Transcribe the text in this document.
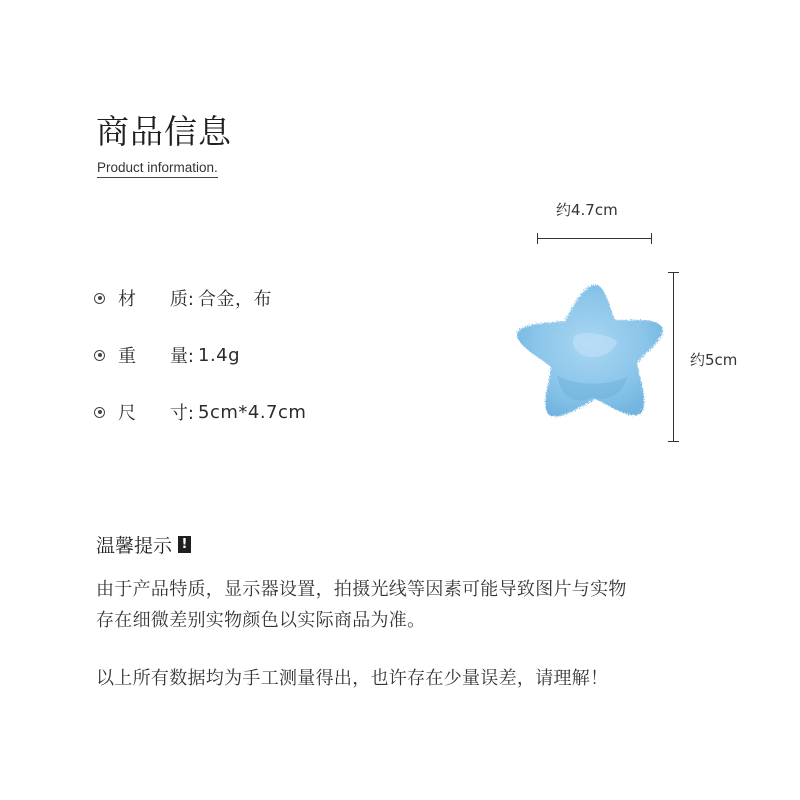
商品信息
Product information.
材 质: 合金，布
重 量: 1.4g
尺 寸: 5cm*4.7cm
约4.7cm
约5cm
温馨提示 !
由于产品特质，显示器设置，拍摄光线等因素可能导致图片与实物
存在细微差别实物颜色以实际商品为准。
以上所有数据均为手工测量得出，也许存在少量误差，请理解！
